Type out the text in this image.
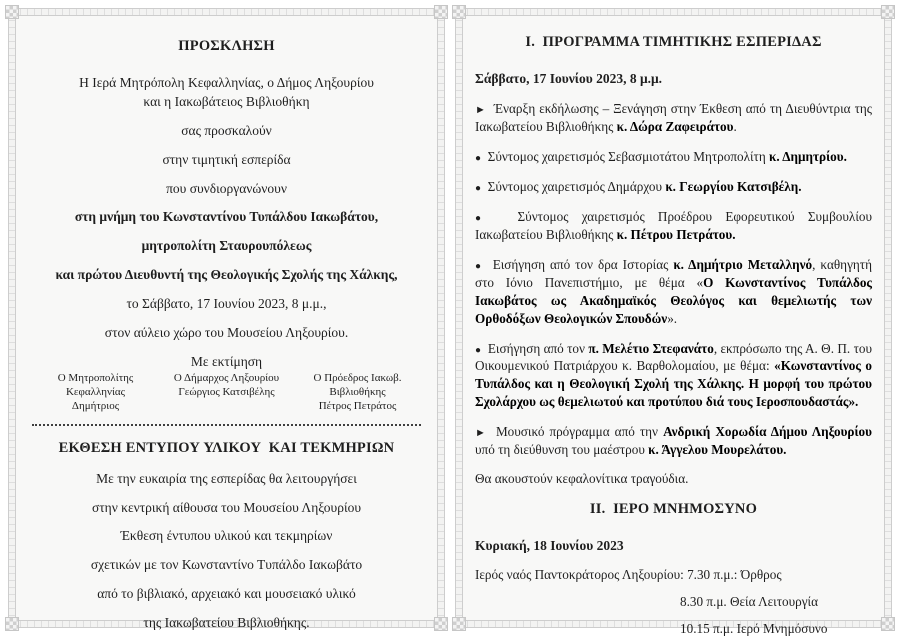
ΠΡΟΣΚΛΗΣΗ

Η Ιερά Μητρόπολη Κεφαλληνίας, ο Δήμος Ληξουρίου

και η Ιακωβάτειος Βιβλιοθήκη

σας προσκαλούν

στην τιμητική εσπερίδα

που συνδιοργανώνουν

στη μνήμη του Κωνσταντίνου Τυπάλδου Ιακωβάτου,

μητροπολίτη Σταυρουπόλεως

και πρώτου Διευθυντή της Θεολογικής Σχολής της Χάλκης,

το Σάββατο, 17 Ιουνίου 2023, 8 μ.μ.,

στον αύλειο χώρο του Μουσείου Ληξουρίου.

Με εκτίμηση

Ο Μητροπολίτης Κεφαλληνίας
Δημήτριος
Ο Δήμαρχος Ληξουρίου
Γεώργιος Κατσιβέλης
Ο Πρόεδρος Ιακωβ. Βιβλιοθήκης
Πέτρος Πετράτος
ΕΚΘΕΣΗ ΕΝΤΥΠΟΥ ΥΛΙΚΟΥ  ΚΑΙ ΤΕΚΜΗΡΙΩΝ

Με την ευκαιρία της εσπερίδας θα λειτουργήσει

στην κεντρική αίθουσα του Μουσείου Ληξουρίου

Έκθεση έντυπου υλικού και τεκμηρίων

σχετικών με τον Κωνσταντίνο Τυπάλδο Ιακωβάτο

από το βιβλιακό, αρχειακό και μουσειακό υλικό

της Ιακωβατείου Βιβλιοθήκης.

Ι.  ΠΡΟΓΡΑΜΜΑ ΤΙΜΗΤΙΚΗΣ ΕΣΠΕΡΙΔΑΣ

Σάββατο, 17 Ιουνίου 2023, 8 μ.μ.

► Έναρξη εκδήλωσης – Ξενάγηση στην Έκθεση από τη Διευθύντρια της Ιακωβατείου Βιβλιοθήκης κ. Δώρα Ζαφειράτου.

● Σύντομος χαιρετισμός Σεβασμιοτάτου Μητροπολίτη κ. Δημητρίου.

● Σύντομος χαιρετισμός Δημάρχου κ. Γεωργίου Κατσιβέλη.

● Σύντομος χαιρετισμός Προέδρου Εφορευτικού Συμβουλίου Ιακωβατείου Βιβλιοθήκης κ. Πέτρου Πετράτου.

● Εισήγηση από τον δρα Ιστορίας κ. Δημήτριο Μεταλληνό, καθηγητή στο Ιόνιο Πανεπιστήμιο, με θέμα «Ο Κωνσταντίνος Τυπάλδος Ιακωβάτος ως Ακαδημαϊκός Θεολόγος και θεμελιωτής των Ορθοδόξων Θεολογικών Σπουδών».

● Εισήγηση από τον π. Μελέτιο Στεφανάτο, εκπρόσωπο της Α. Θ. Π. του Οικουμενικού Πατριάρχου κ. Βαρθολομαίου, με θέμα: «Κωνσταντίνος ο Τυπάλδος και η Θεολογική Σχολή της Χάλκης. Η μορφή του πρώτου Σχολάρχου ως θεμελιωτού και προτύπου διά τους Ιεροσπουδαστάς».

► Μουσικό πρόγραμμα από την Ανδρική Χορωδία Δήμου Ληξουρίου υπό τη διεύθυνση του μαέστρου κ. Άγγελου Μουρελάτου.

Θα ακουστούν κεφαλονίτικα τραγούδια.

ΙΙ.  ΙΕΡΟ ΜΝΗΜΟΣΥΝΟ

Κυριακή, 18 Ιουνίου 2023

Ιερός ναός Παντοκράτορος Ληξουρίου: 7.30 π.μ.: Όρθρος

8.30 π.μ. Θεία Λειτουργία

10.15 π.μ. Ιερό Μνημόσυνο
